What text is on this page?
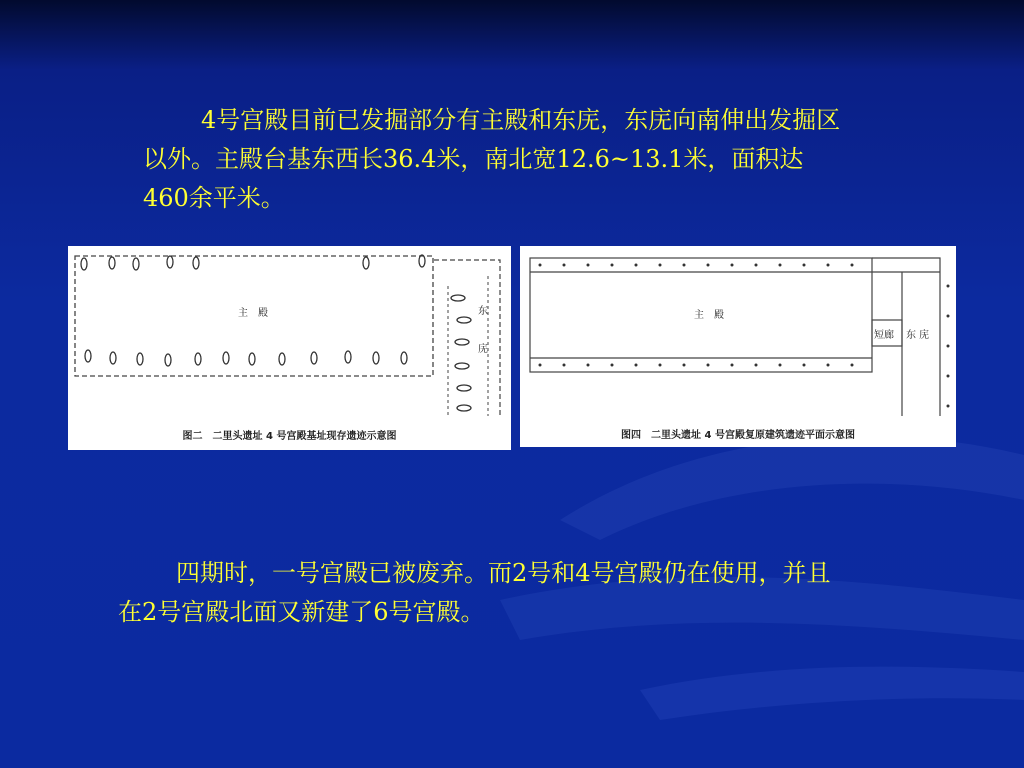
4号宫殿目前已发掘部分有主殿和东庑，东庑向南伸出发掘区以外。主殿台基东西长36.4米，南北宽12.6~13.1米，面积达460余平米。

主　殿	东
庑
图二　二里头遗址 4 号宫殿基址现存遗迹示意图
主　殿
短廊 东 庑
图四　二里头遗址 4 号宫殿复原建筑遗迹平面示意图

四期时，一号宫殿已被废弃。而2号和4号宫殿仍在使用，并且在2号宫殿北面又新建了6号宫殿。
